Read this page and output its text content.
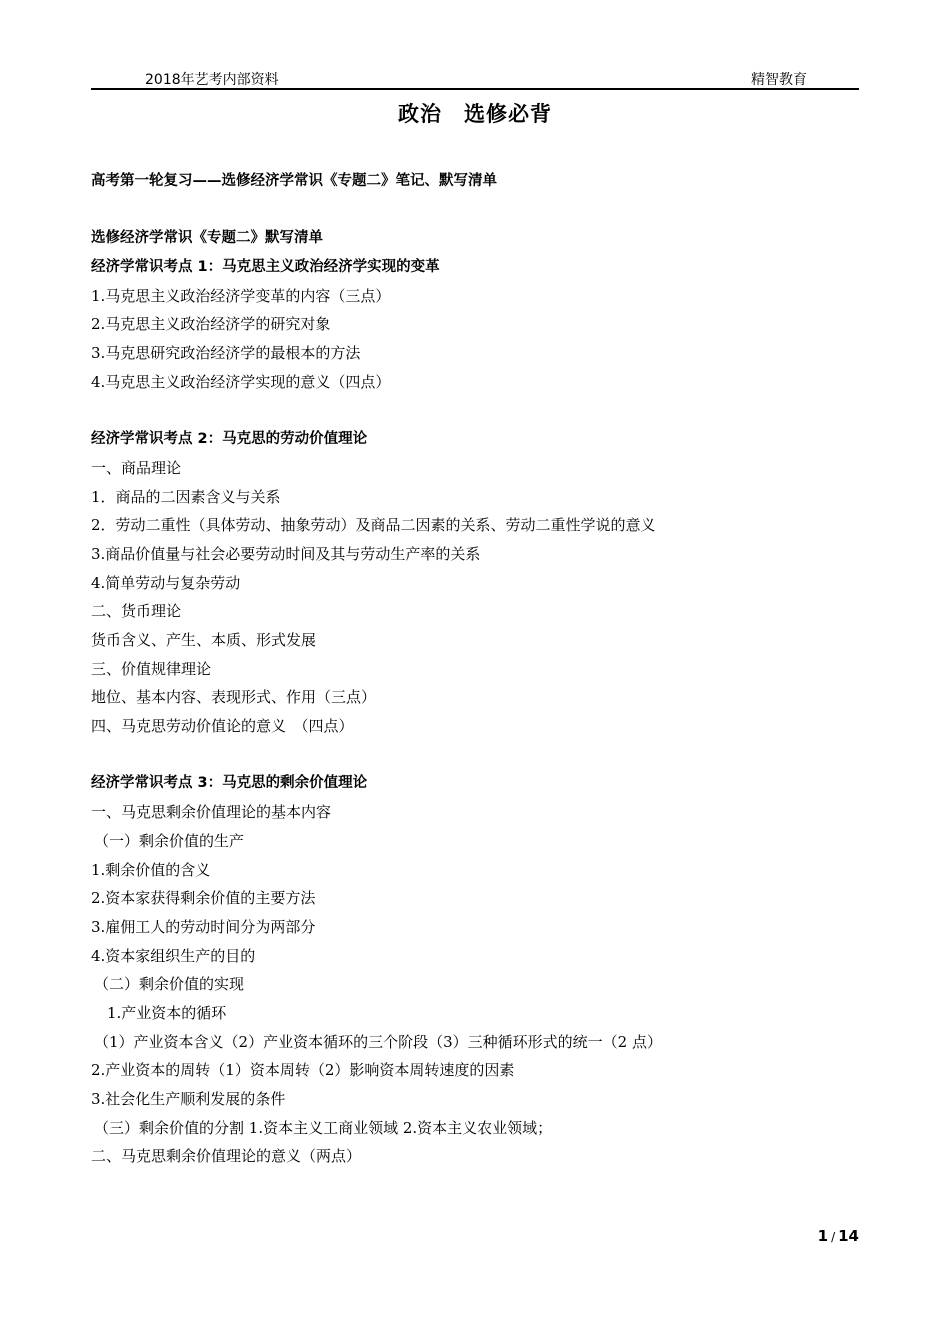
2018年艺考内部资料	精智教育
政治　选修必背
高考第一轮复习——选修经济学常识《专题二》笔记、默写清单
选修经济学常识《专题二》默写清单
经济学常识考点 1：马克思主义政治经济学实现的变革
1.马克思主义政治经济学变革的内容（三点）
2.马克思主义政治经济学的研究对象
3.马克思研究政治经济学的最根本的方法
4.马克思主义政治经济学实现的意义（四点）
经济学常识考点 2：马克思的劳动价值理论
一、商品理论
1．商品的二因素含义与关系
2．劳动二重性（具体劳动、抽象劳动）及商品二因素的关系、劳动二重性学说的意义
3.商品价值量与社会必要劳动时间及其与劳动生产率的关系
4.简单劳动与复杂劳动
二、货币理论
货币含义、产生、本质、形式发展
三、价值规律理论
地位、基本内容、表现形式、作用（三点）
四、马克思劳动价值论的意义　（四点）
经济学常识考点 3：马克思的剩余价值理论
一、马克思剩余价值理论的基本内容
（一）剩余价值的生产
1.剩余价值的含义
2.资本家获得剩余价值的主要方法
3.雇佣工人的劳动时间分为两部分
4.资本家组织生产的目的
（二）剩余价值的实现
1.产业资本的循环
（1）产业资本含义（2）产业资本循环的三个阶段（3）三种循环形式的统一（2 点）
2.产业资本的周转（1）资本周转（2）影响资本周转速度的因素
3.社会化生产顺利发展的条件
（三）剩余价值的分割 1.资本主义工商业领域 2.资本主义农业领域；
二、马克思剩余价值理论的意义（两点）
1 / 14
